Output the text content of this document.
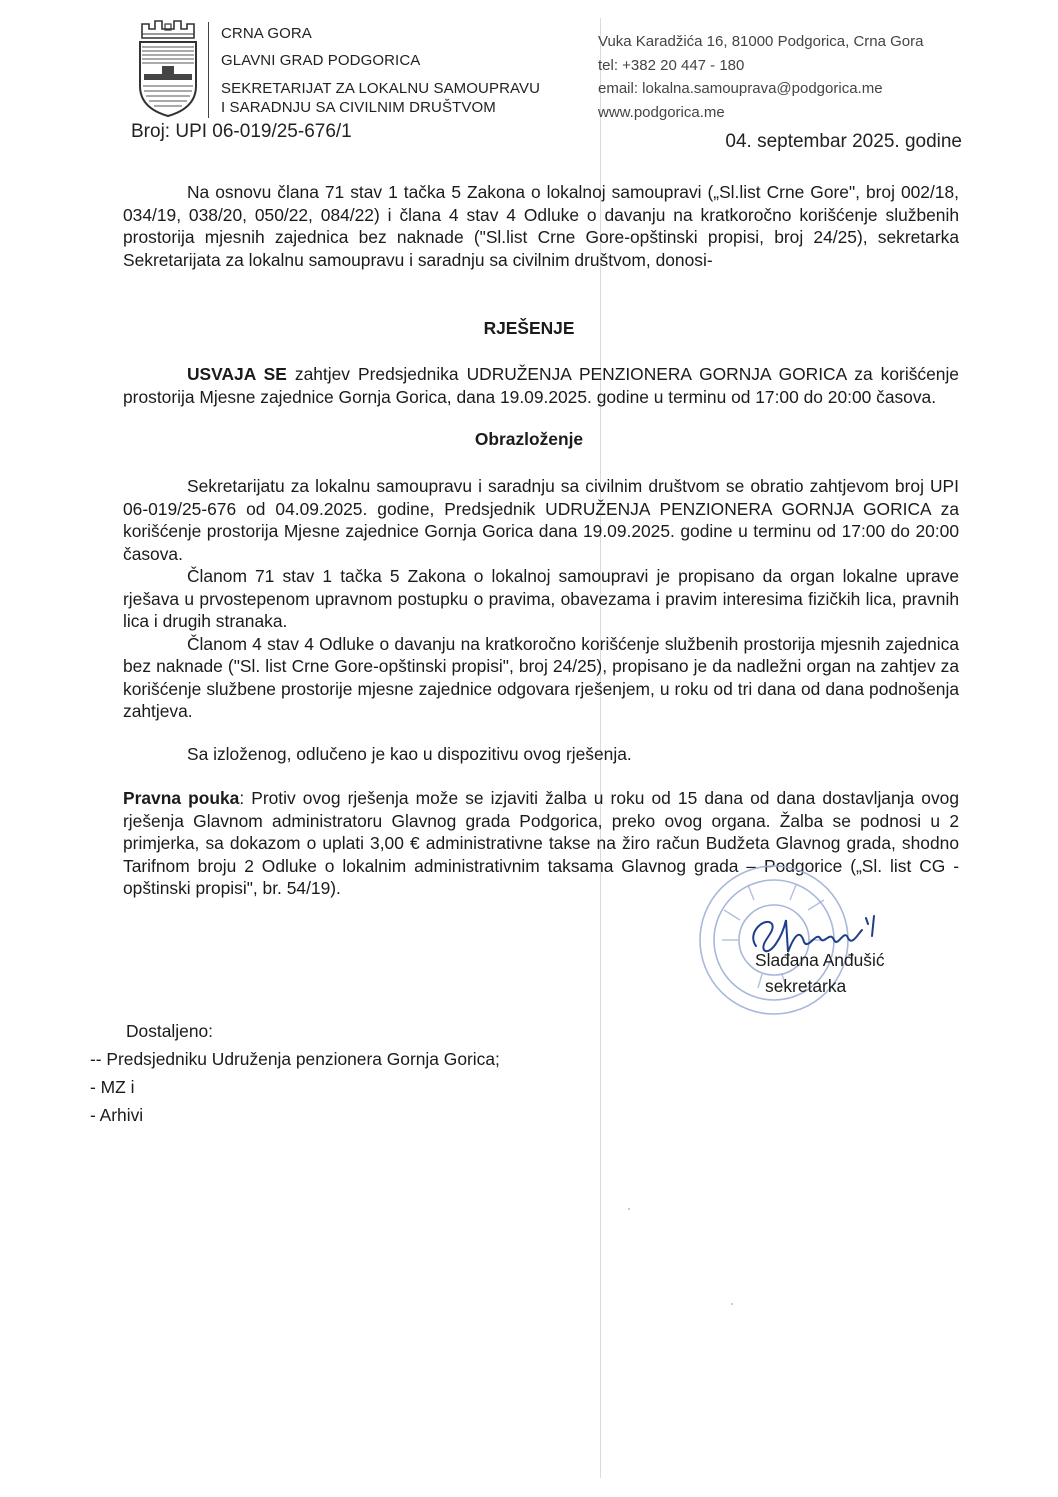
CRNA GORA
GLAVNI GRAD PODGORICA
SEKRETARIJAT ZA LOKALNU SAMOUPRAVU
I SARADNJU SA CIVILNIM DRUŠTVOM
Vuka Karadžića 16, 81000 Podgorica, Crna Gora
tel: +382 20 447 - 180
email: lokalna.samouprava@podgorica.me
www.podgorica.me
Broj: UPI 06-019/25-676/1	04. septembar 2025. godine

Na osnovu člana 71 stav 1 tačka 5 Zakona o lokalnoj samoupravi („Sl.list Crne Gore", broj 002/18, 034/19, 038/20, 050/22, 084/22) i člana 4 stav 4 Odluke o davanju na kratkoročno korišćenje službenih prostorija mjesnih zajednica bez naknade ("Sl.list Crne Gore-opštinski propisi, broj 24/25), sekretarka Sekretarijata za lokalnu samoupravu i saradnju sa civilnim društvom, donosi-

RJEŠENJE

USVAJA SE zahtjev Predsjednika UDRUŽENJA PENZIONERA GORNJA GORICA za korišćenje prostorija Mjesne zajednice Gornja Gorica, dana 19.09.2025. godine u terminu od 17:00 do 20:00 časova.

Obrazloženje

Sekretarijatu za lokalnu samoupravu i saradnju sa civilnim društvom se obratio zahtjevom broj UPI 06-019/25-676 od 04.09.2025. godine, Predsjednik UDRUŽENJA PENZIONERA GORNJA GORICA za korišćenje prostorija Mjesne zajednice Gornja Gorica dana 19.09.2025. godine u terminu od 17:00 do 20:00 časova.

Članom 71 stav 1 tačka 5 Zakona o lokalnoj samoupravi je propisano da organ lokalne uprave rješava u prvostepenom upravnom postupku o pravima, obavezama i pravim interesima fizičkih lica, pravnih lica i drugih stranaka.

Članom 4 stav 4 Odluke o davanju na kratkoročno korišćenje službenih prostorija mjesnih zajednica bez naknade ("Sl. list Crne Gore-opštinski propisi", broj 24/25), propisano je da nadležni organ na zahtjev za korišćenje službene prostorije mjesne zajednice odgovara rješenjem, u roku od tri dana od dana podnošenja zahtjeva.

Sa izloženog, odlučeno je kao u dispozitivu ovog rješenja.

Pravna pouka: Protiv ovog rješenja može se izjaviti žalba u roku od 15 dana od dana dostavljanja ovog rješenja Glavnom administratoru Glavnog grada Podgorica, preko ovog organa. Žalba se podnosi u 2 primjerka, sa dokazom o uplati 3,00 € administrativne takse na žiro račun Budžeta Glavnog grada, shodno Tarifnom broju 2 Odluke o lokalnim administrativnim taksama Glavnog grada – Podgorice („Sl. list CG - opštinski propisi", br. 54/19).

Slađana Anđušić
sekretarka
Dostaljeno:
-- Predsjedniku Udruženja penzionera Gornja Gorica;
- MZ i
- Arhivi
